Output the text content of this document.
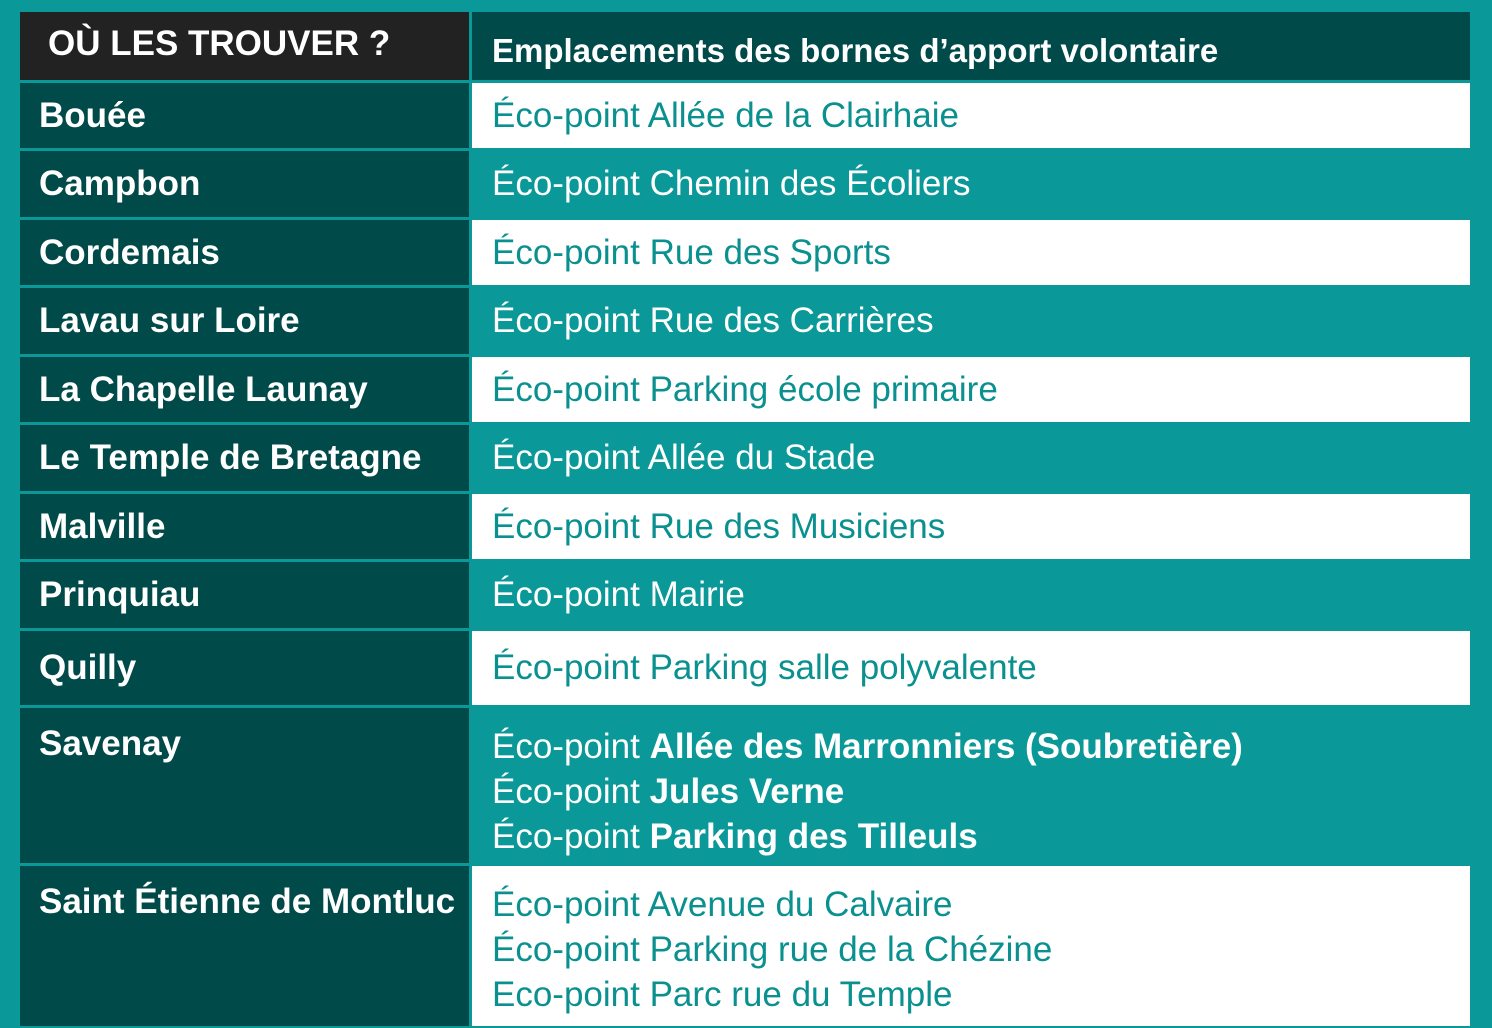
OÙ LES TROUVER ?	Emplacements des bornes d’apport volontaire
Bouée	Éco-point Allée de la Clairhaie
Campbon	Éco-point Chemin des Écoliers
Cordemais	Éco-point Rue des Sports
Lavau sur Loire	Éco-point Rue des Carrières
La Chapelle Launay	Éco-point Parking école primaire
Le Temple de Bretagne	Éco-point Allée du Stade
Malville	Éco-point Rue des Musiciens
Prinquiau	Éco-point Mairie
Quilly	Éco-point Parking salle polyvalente
Savenay	Éco-point Allée des Marronniers (Soubretière)
Éco-point Jules Verne
Éco-point Parking des Tilleuls
Saint Étienne de Montluc	Éco-point Avenue du Calvaire
Éco-point Parking rue de la Chézine
Eco-point Parc rue du Temple
